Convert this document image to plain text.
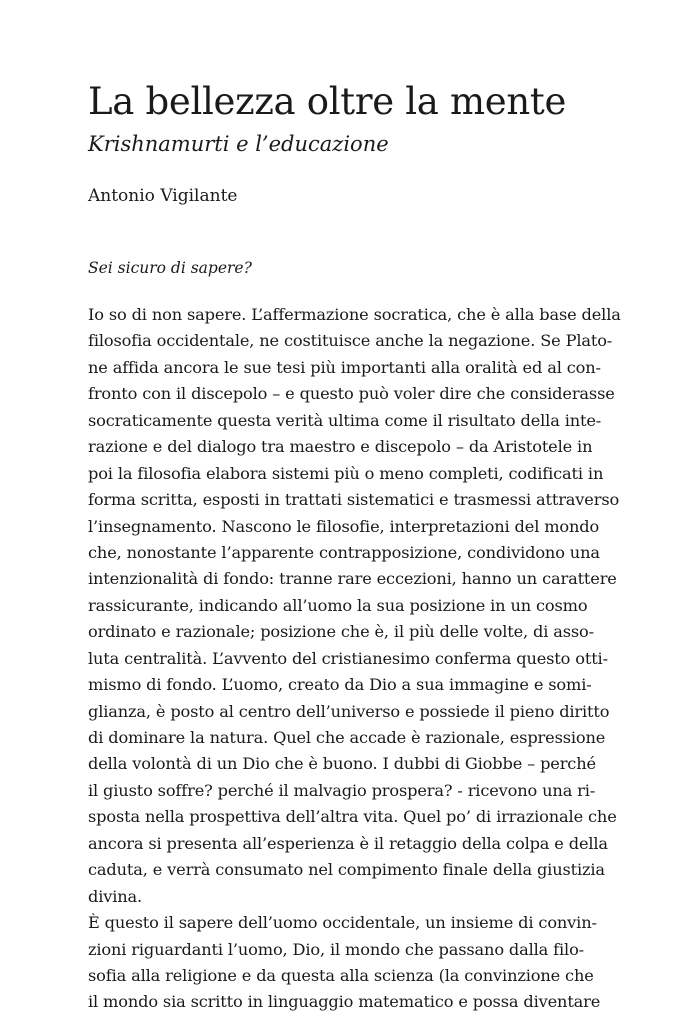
La bellezza oltre la mente
Krishnamurti e l’educazione
Antonio Vigilante
Sei sicuro di sapere?
Io so di non sapere. L’affermazione socratica, che è alla base della
filosofia occidentale, ne costituisce anche la negazione. Se Plato-
ne affida ancora le sue tesi più importanti alla oralità ed al con-
fronto con il discepolo – e questo può voler dire che considerasse
socraticamente questa verità ultima come il risultato della inte-
razione e del dialogo tra maestro e discepolo – da Aristotele in
poi la filosofia elabora sistemi più o meno completi, codificati in
forma scritta, esposti in trattati sistematici e trasmessi attraverso
l’insegnamento. Nascono le filosofie, interpretazioni del mondo
che, nonostante l’apparente contrapposizione, condividono una
intenzionalità di fondo: tranne rare eccezioni, hanno un carattere
rassicurante, indicando all’uomo la sua posizione in un cosmo
ordinato e razionale; posizione che è, il più delle volte, di asso-
luta centralità. L’avvento del cristianesimo conferma questo otti-
mismo di fondo. L’uomo, creato da Dio a sua immagine e somi-
glianza, è posto al centro dell’universo e possiede il pieno diritto
di dominare la natura. Quel che accade è razionale, espressione
della volontà di un Dio che è buono. I dubbi di Giobbe – perché
il giusto soffre? perché il malvagio prospera? - ricevono una ri-
sposta nella prospettiva dell’altra vita. Quel po’ di irrazionale che
ancora si presenta all’esperienza è il retaggio della colpa e della
caduta, e verrà consumato nel compimento finale della giustizia
divina.
È questo il sapere dell’uomo occidentale, un insieme di convin-
zioni riguardanti l’uomo, Dio, il mondo che passano dalla filo-
sofia alla religione e da questa alla scienza (la convinzione che
il mondo sia scritto in linguaggio matematico e possa diventare
